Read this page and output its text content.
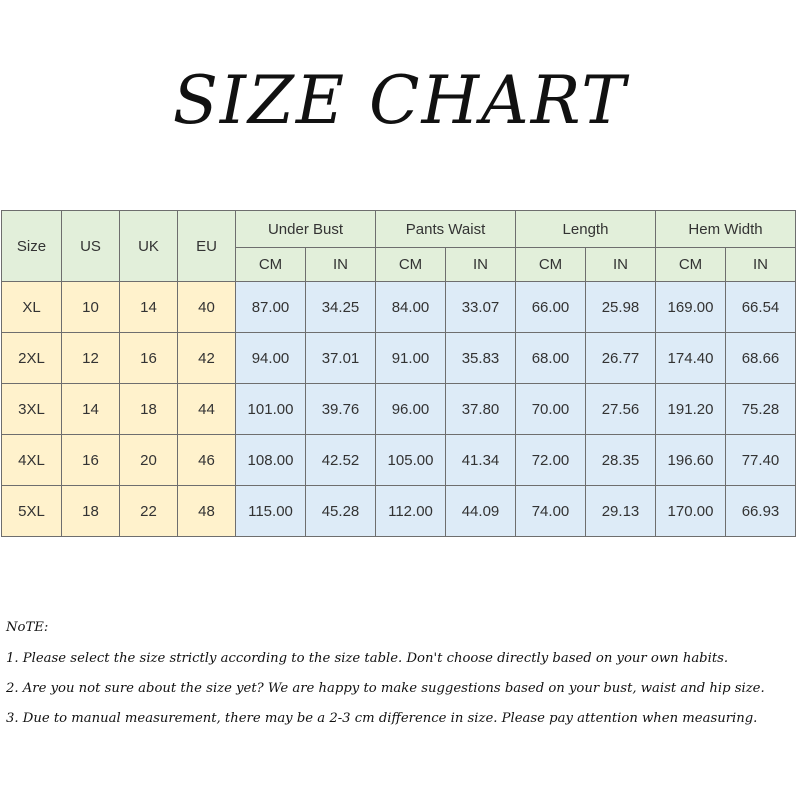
SIZE CHART
Size	US	UK	EU	Under Bust		Pants Waist		Length		Hem Width	
				CM	IN	CM	IN	CM	IN	CM	IN
XL	10	14	40	87.00	34.25	84.00	33.07	66.00	25.98	169.00	66.54
2XL	12	16	42	94.00	37.01	91.00	35.83	68.00	26.77	174.40	68.66
3XL	14	18	44	101.00	39.76	96.00	37.80	70.00	27.56	191.20	75.28
4XL	16	20	46	108.00	42.52	105.00	41.34	72.00	28.35	196.60	77.40
5XL	18	22	48	115.00	45.28	112.00	44.09	74.00	29.13	170.00	66.93

NoTE:

1. Please select the size strictly according to the size table. Don't choose directly based on your own habits.

2. Are you not sure about the size yet? We are happy to make suggestions based on your bust, waist and hip size.

3. Due to manual measurement, there may be a 2-3 cm difference in size. Please pay attention when measuring.
